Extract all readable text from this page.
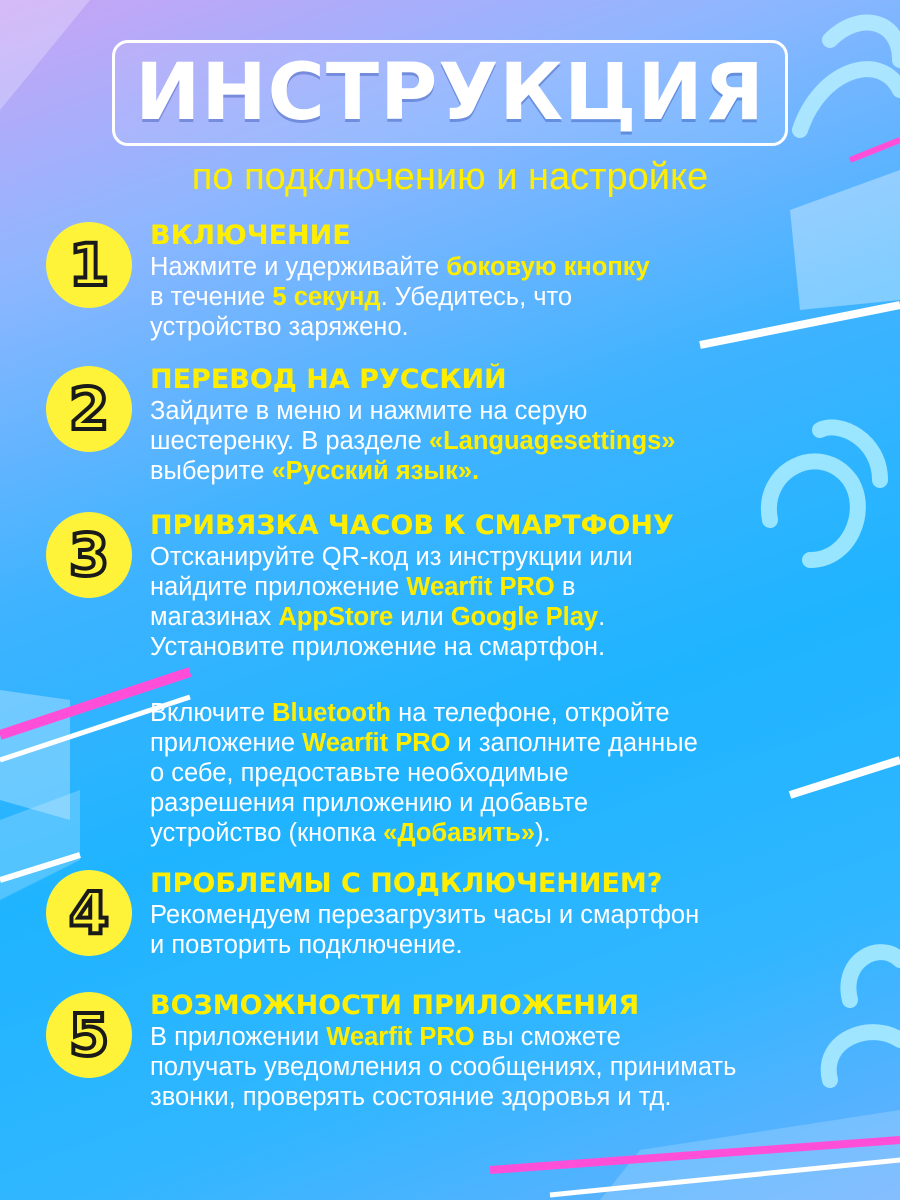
ИНСТРУКЦИЯ
по подключению и настройке
1	ВКЛЮЧЕНИЕ
Нажмите и удерживайте боковую кнопку
в течение 5 секунд. Убедитесь, что
устройство заряжено.
2	ПЕРЕВОД НА РУССКИЙ
Зайдите в меню и нажмите на серую
шестеренку. В разделе «Languagesettings»
выберите «Русский язык».
3	ПРИВЯЗКА ЧАСОВ К СМАРТФОНУ
Отсканируйте QR-код из инструкции или
найдите приложение Wearfit PRO в
магазинах AppStore или Google Play.
Установите приложение на смартфон.
Включите Bluetooth на телефоне, откройте
приложение Wearfit PRO и заполните данные
о себе, предоставьте необходимые
разрешения приложению и добавьте
устройство (кнопка «Добавить»).
4	ПРОБЛЕМЫ С ПОДКЛЮЧЕНИЕМ?
Рекомендуем перезагрузить часы и смартфон
и повторить подключение.
5	ВОЗМОЖНОСТИ ПРИЛОЖЕНИЯ
В приложении Wearfit PRO вы сможете
получать уведомления о сообщениях, принимать
звонки, проверять состояние здоровья и тд.
